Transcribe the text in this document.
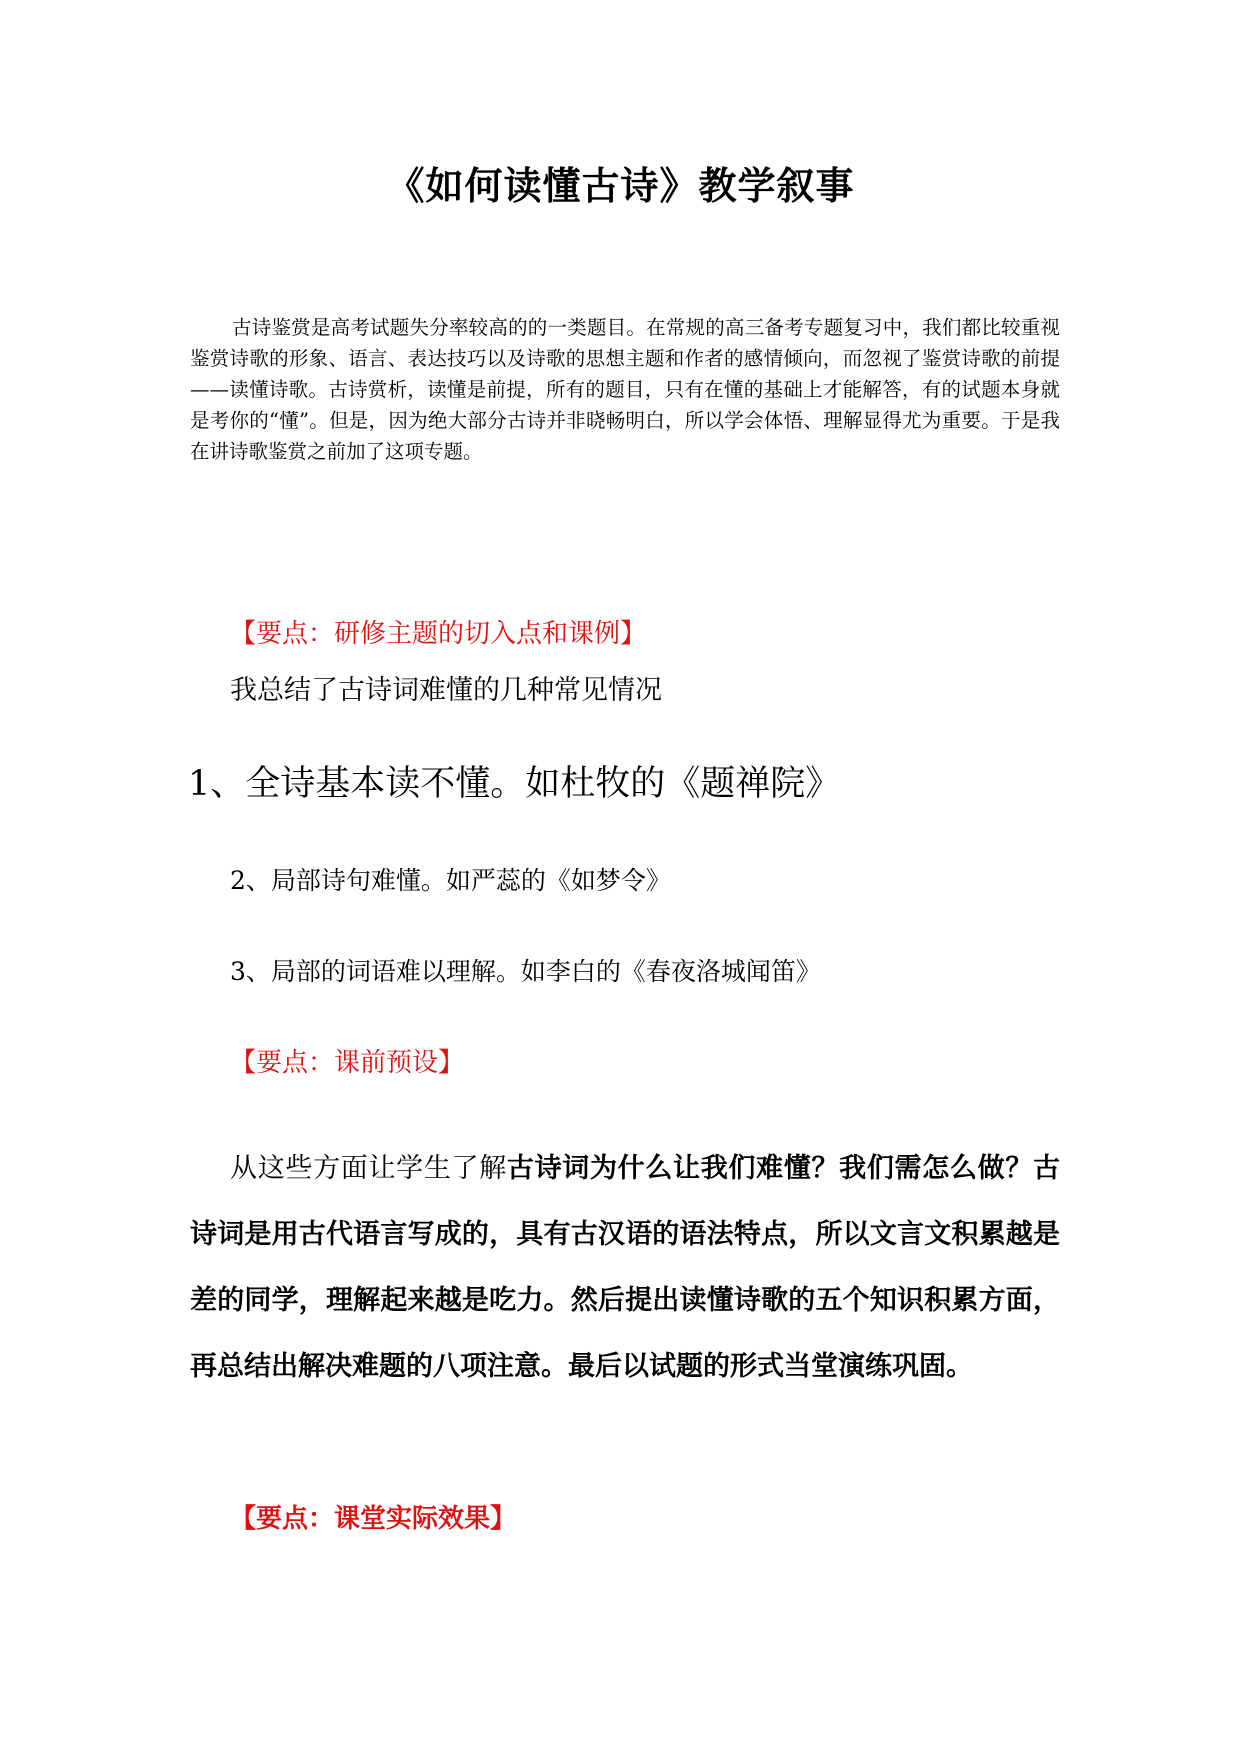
《如何读懂古诗》教学叙事

古诗鉴赏是高考试题失分率较高的的一类题目。在常规的高三备考专题复习中，我们都比较重视鉴赏诗歌的形象、语言、表达技巧以及诗歌的思想主题和作者的感情倾向，而忽视了鉴赏诗歌的前提——读懂诗歌。古诗赏析，读懂是前提，所有的题目，只有在懂的基础上才能解答，有的试题本身就是考你的“懂”。但是，因为绝大部分古诗并非晓畅明白，所以学会体悟、理解显得尤为重要。于是我在讲诗歌鉴赏之前加了这项专题。

【要点：研修主题的切入点和课例】

我总结了古诗词难懂的几种常见情况

1、全诗基本读不懂。如杜牧的《题禅院》

2、局部诗句难懂。如严蕊的《如梦令》

3、局部的词语难以理解。如李白的《春夜洛城闻笛》

【要点：课前预设】

从这些方面让学生了解古诗词为什么让我们难懂？我们需怎么做？古诗词是用古代语言写成的，具有古汉语的语法特点，所以文言文积累越是差的同学，理解起来越是吃力。然后提出读懂诗歌的五个知识积累方面，再总结出解决难题的八项注意。最后以试题的形式当堂演练巩固。

【要点：课堂实际效果】
